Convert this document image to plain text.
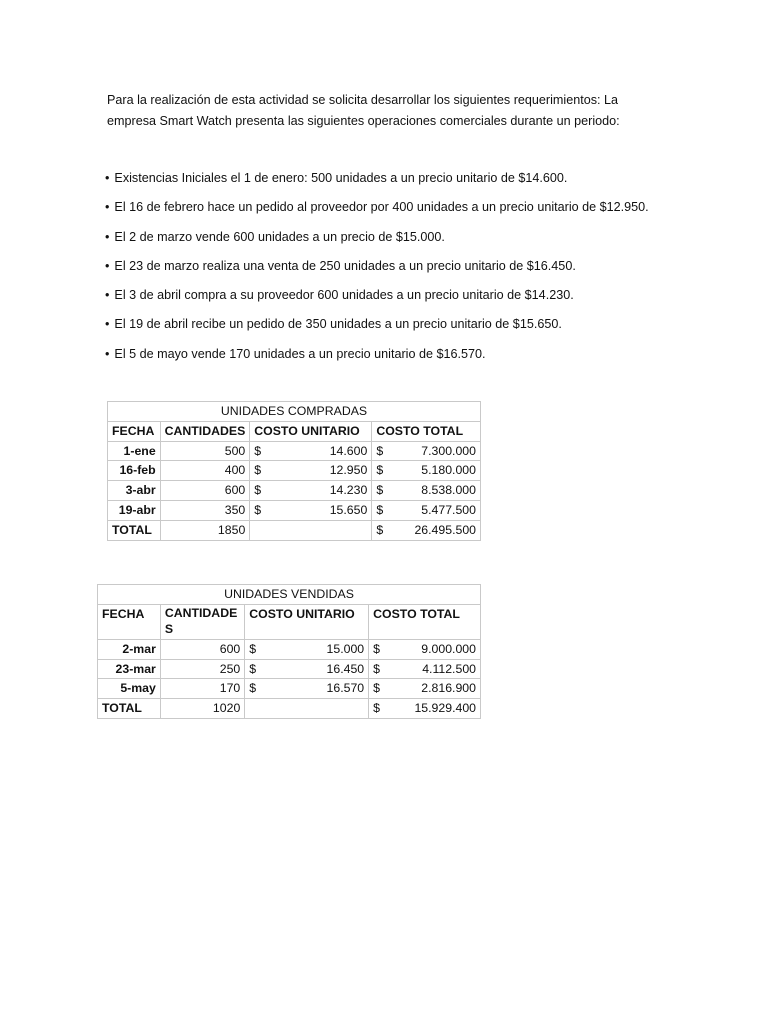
Para la realización de esta actividad se solicita desarrollar los siguientes requerimientos: La empresa Smart Watch presenta las siguientes operaciones comerciales durante un periodo:

• Existencias Iniciales el 1 de enero: 500 unidades a un precio unitario de $14.600.
• El 16 de febrero hace un pedido al proveedor por 400 unidades a un precio unitario de $12.950.
• El 2 de marzo vende 600 unidades a un precio de $15.000.
• El 23 de marzo realiza una venta de 250 unidades a un precio unitario de $16.450.
• El 3 de abril compra a su proveedor 600 unidades a un precio unitario de $14.230.
• El 19 de abril recibe un pedido de 350 unidades a un precio unitario de $15.650.
• El 5 de mayo vende 170 unidades a un precio unitario de $16.570.
UNIDADES COMPRADAS			
FECHA	CANTIDADES	COSTO UNITARIO	COSTO TOTAL
1-ene	500	$ 14.600	$ 7.300.000

16-feb	400	$ 12.950	$ 5.180.000

3-abr	600	$ 14.230	$ 8.538.000

19-abr	350	$ 15.650	$ 5.477.500

TOTAL	1850		$ 26.495.500
UNIDADES VENDIDAS			
FECHA	CANTIDADES	COSTO UNITARIO	COSTO TOTAL
2-mar	600	$ 15.000	$ 9.000.000

23-mar	250	$ 16.450	$ 4.112.500

5-may	170	$ 16.570	$ 2.816.900

TOTAL	1020		$ 15.929.400
